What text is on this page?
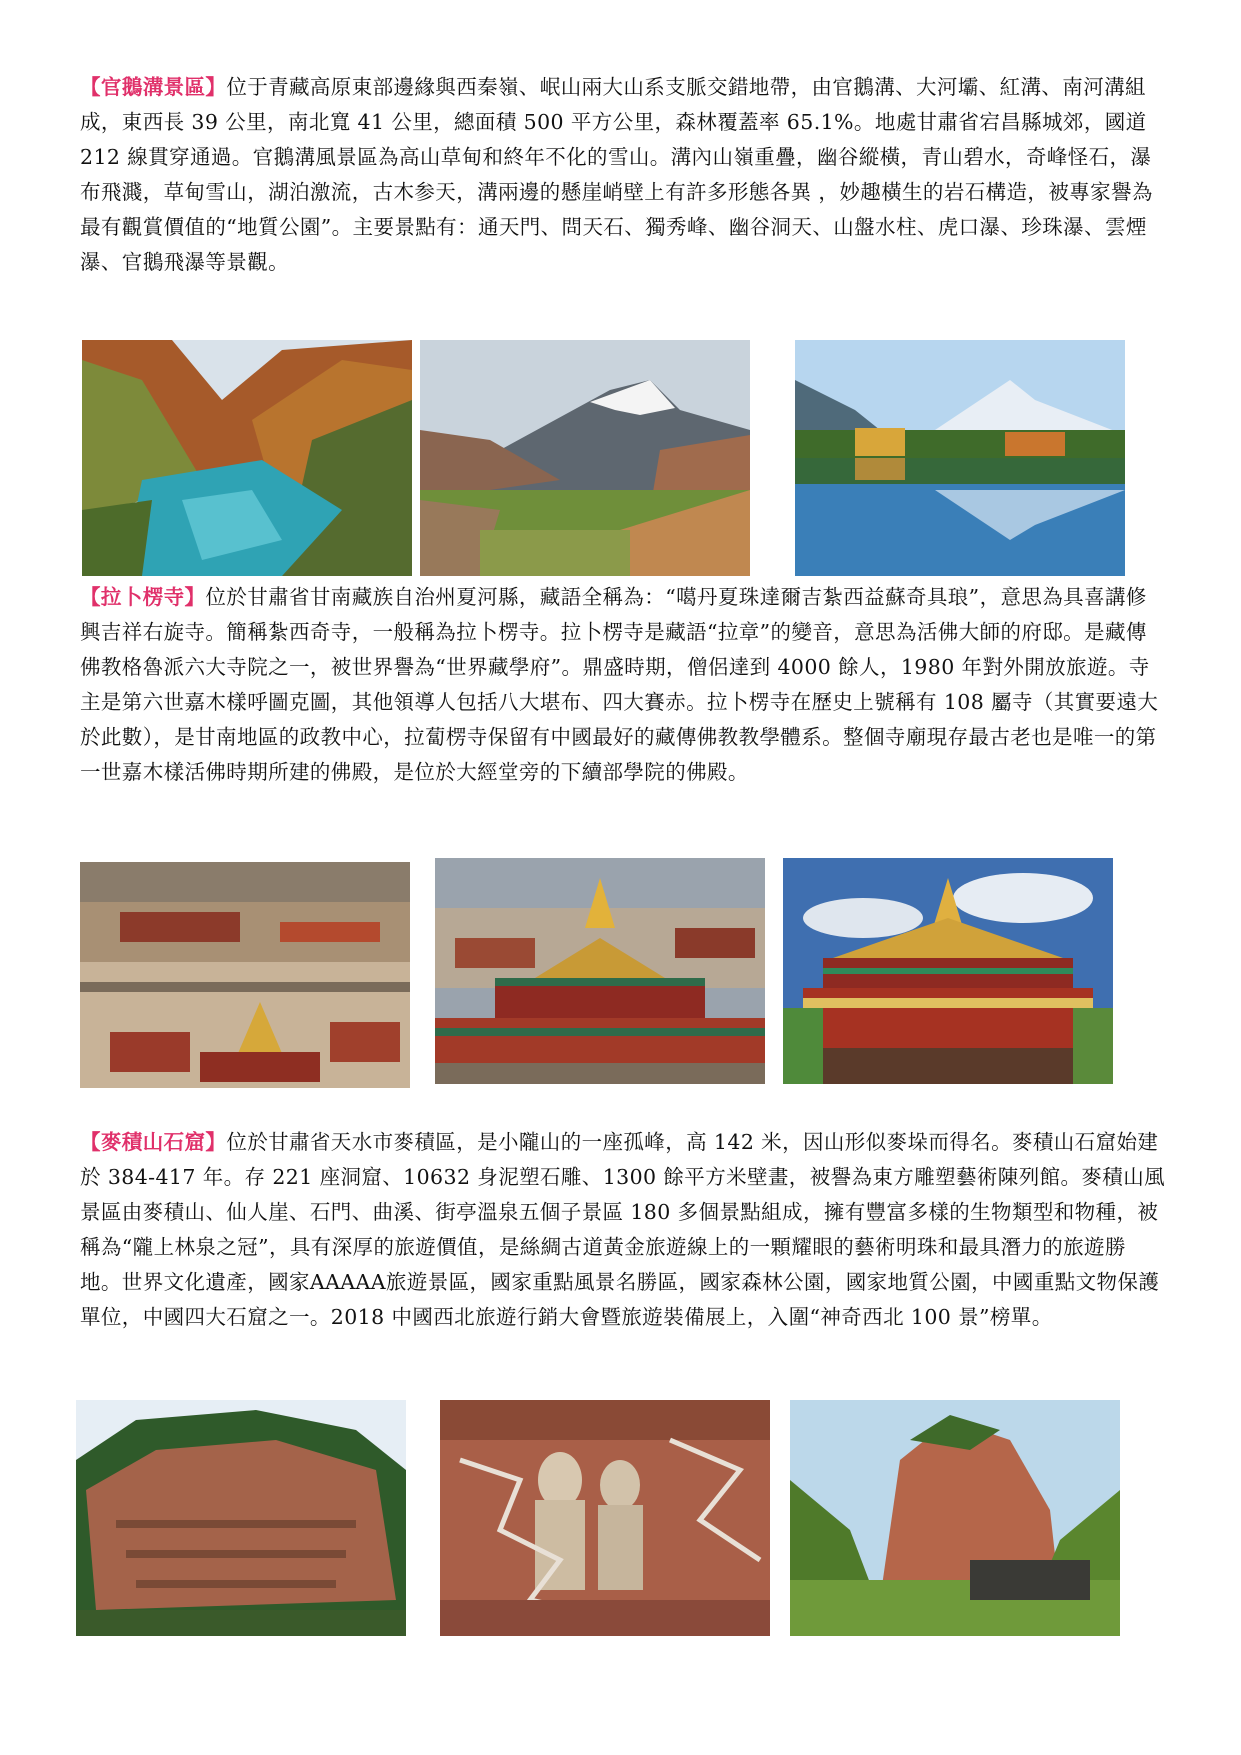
【官鵝溝景區】位于青藏高原東部邊緣與西秦嶺、岷山兩大山系支脈交錯地帶，由官鵝溝、大河壩、紅溝、南河溝組成，東西長 39 公里，南北寬 41 公里，總面積 500 平方公里，森林覆蓋率 65.1%。地處甘肅省宕昌縣城郊，國道 212 線貫穿通過。官鵝溝風景區為高山草甸和終年不化的雪山。溝內山嶺重疊，幽谷縱橫，青山碧水，奇峰怪石，瀑布飛濺，草甸雪山，湖泊激流，古木参天，溝兩邊的懸崖峭壁上有許多形態各異 ，妙趣橫生的岩石構造，被專家譽為最有觀賞價值的“地質公園”。主要景點有：通天門、問天石、獨秀峰、幽谷洞天、山盤水柱、虎口瀑、珍珠瀑、雲煙瀑、官鵝飛瀑等景觀。

【拉卜楞寺】位於甘肅省甘南藏族自治州夏河縣，藏語全稱為：“噶丹夏珠達爾吉紮西益蘇奇具琅”，意思為具喜講修興吉祥右旋寺。簡稱紮西奇寺，一般稱為拉卜楞寺。拉卜楞寺是藏語“拉章”的變音，意思為活佛大師的府邸。是藏傳佛教格魯派六大寺院之一，被世界譽為“世界藏學府”。鼎盛時期，僧侶達到 4000 餘人，1980 年對外開放旅遊。寺主是第六世嘉木樣呼圖克圖，其他領導人包括八大堪布、四大賽赤。拉卜楞寺在歷史上號稱有 108 屬寺（其實要遠大於此數），是甘南地區的政教中心，拉蔔楞寺保留有中國最好的藏傳佛教教學體系。整個寺廟現存最古老也是唯一的第一世嘉木樣活佛時期所建的佛殿，是位於大經堂旁的下續部學院的佛殿。

【麥積山石窟】位於甘肅省天水市麥積區，是小隴山的一座孤峰，高 142 米，因山形似麥垛而得名。麥積山石窟始建於 384-417 年。存 221 座洞窟、10632 身泥塑石雕、1300 餘平方米壁畫，被譽為東方雕塑藝術陳列館。麥積山風景區由麥積山、仙人崖、石門、曲溪、街亭溫泉五個子景區 180 多個景點組成，擁有豐富多樣的生物類型和物種，被稱為“隴上林泉之冠”，具有深厚的旅遊價值，是絲綢古道黃金旅遊線上的一顆耀眼的藝術明珠和最具潛力的旅遊勝地。世界文化遺產，國家AAAAA旅遊景區，國家重點風景名勝區，國家森林公園，國家地質公園，中國重點文物保護單位，中國四大石窟之一。2018 中國西北旅遊行銷大會暨旅遊裝備展上，入圍“神奇西北 100 景”榜單。
